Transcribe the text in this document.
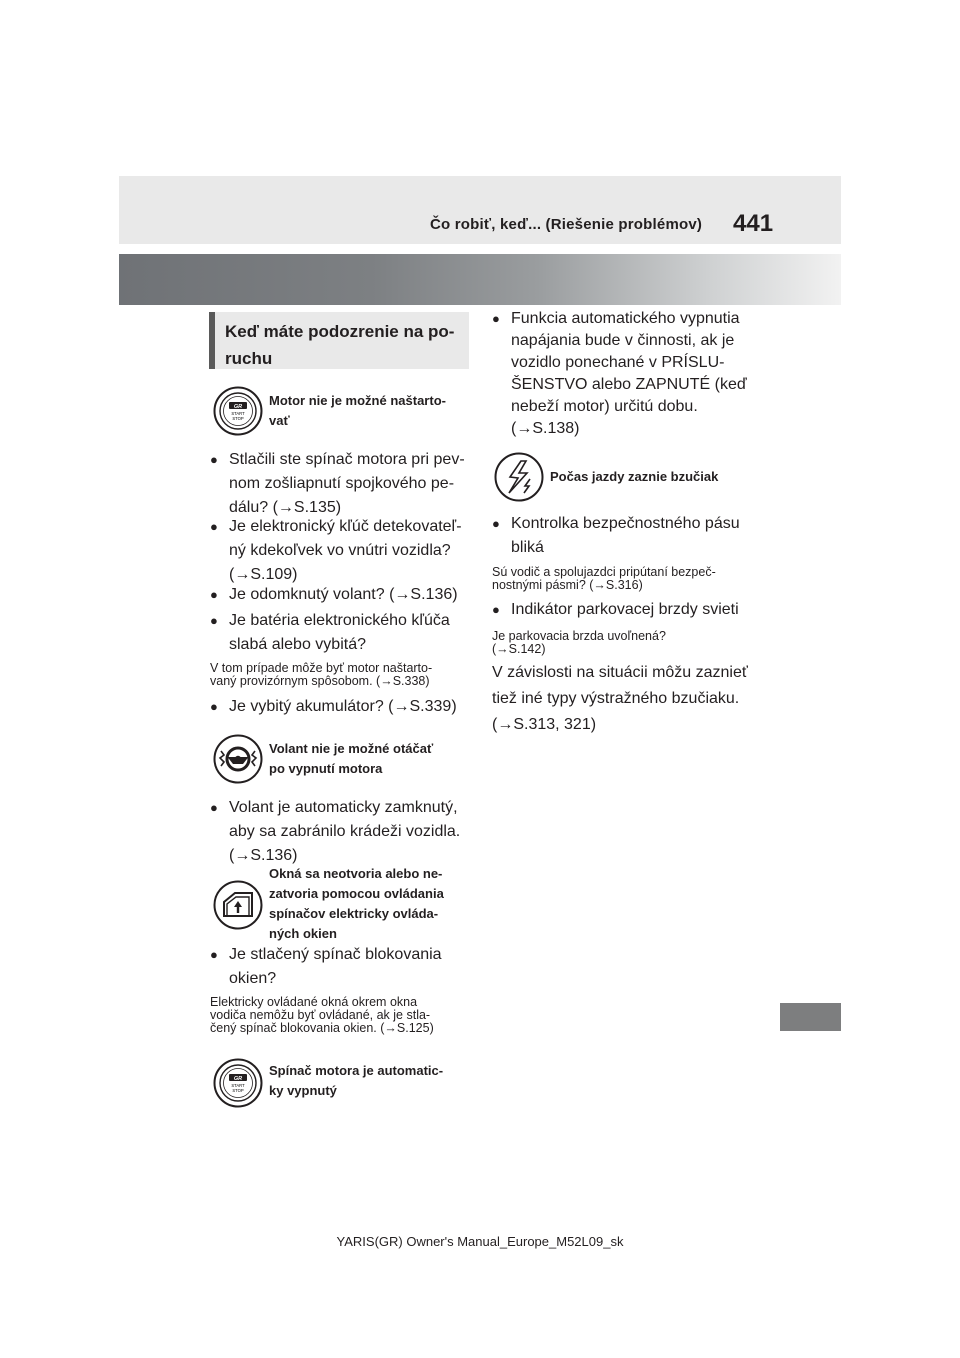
Čo robiť, keď... (Riešenie problémov) 441
Keď máte podozrenie na po-
ruchu
GR
START
STOP
Motor nie je možné naštarto-
vať
● Stlačili ste spínač motora pri pev-
nom zošliapnutí spojkového pe-
dálu? (→S.135)
● Je elektronický kľúč detekovateľ-
ný kdekoľvek vo vnútri vozidla?
(→S.109)
● Je odomknutý volant? (→S.136)
● Je batéria elektronického kľúča
slabá alebo vybitá?
V tom prípade môže byť motor naštarto-
vaný provizórnym spôsobom. (→S.338)
● Je vybitý akumulátor? (→S.339)
Volant nie je možné otáčať
po vypnutí motora
● Volant je automaticky zamknutý,
aby sa zabránilo krádeži vozidla.
(→S.136)
Okná sa neotvoria alebo ne-
zatvoria pomocou ovládania
spínačov elektricky ovláda-
ných okien
● Je stlačený spínač blokovania
okien?
Elektricky ovládané okná okrem okna
vodiča nemôžu byť ovládané, ak je stla-
čený spínač blokovania okien. (→S.125)
GR
START
STOP
Spínač motora je automatic-
ky vypnutý
● Funkcia automatického vypnutia
napájania bude v činnosti, ak je
vozidlo ponechané v PRÍSLU-
ŠENSTVO alebo ZAPNUTÉ (keď
nebeží motor) určitú dobu.
(→S.138)
Počas jazdy zaznie bzučiak
● Kontrolka bezpečnostného pásu
bliká
Sú vodič a spolujazdci pripútaní bezpeč-
nostnými pásmi? (→S.316)
● Indikátor parkovacej brzdy svieti
Je parkovacia brzda uvoľnená?
(→S.142)
V závislosti na situácii môžu zaznieť
tiež iné typy výstražného bzučiaku.
(→S.313, 321)
YARIS(GR) Owner's Manual_Europe_M52L09_sk
